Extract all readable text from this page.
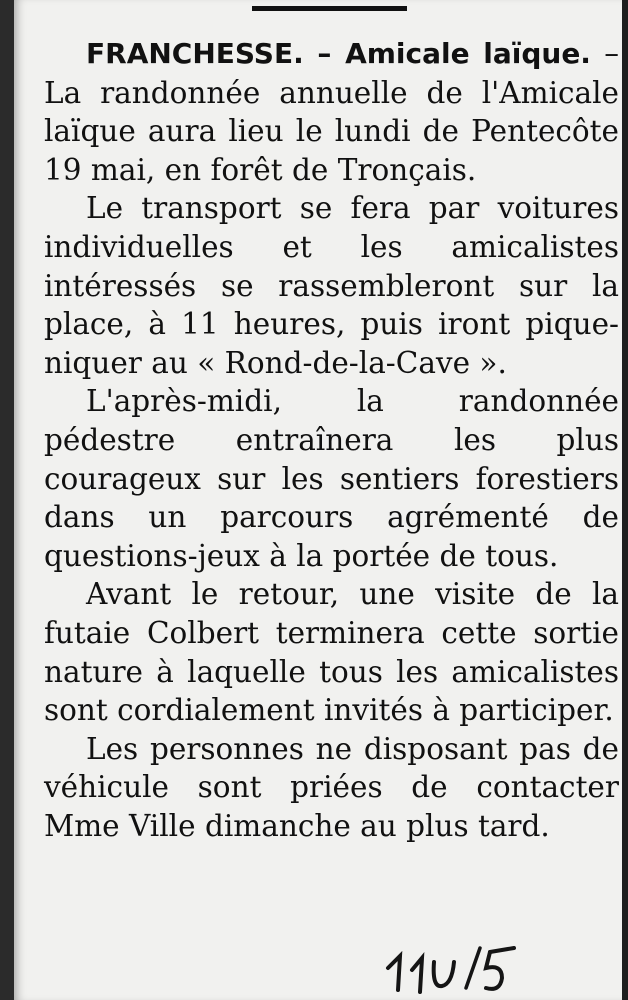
FRANCHESSE. – Amicale laïque. – La randonnée annuelle de l'Amicale laïque aura lieu le lundi de Pentecôte 19 mai, en forêt de Tronçais.

Le transport se fera par voitures individuelles et les amicalistes intéressés se rassembleront sur la place, à 11 heures, puis iront pique-niquer au « Rond-de-la-Cave ».

L'après-midi, la randonnée pédestre entraînera les plus courageux sur les sentiers forestiers dans un parcours agrémenté de questions-jeux à la portée de tous.

Avant le retour, une visite de la futaie Colbert terminera cette sortie nature à laquelle tous les amicalistes sont cordialement invités à participer.

Les personnes ne disposant pas de véhicule sont priées de contacter Mme Ville dimanche au plus tard.
